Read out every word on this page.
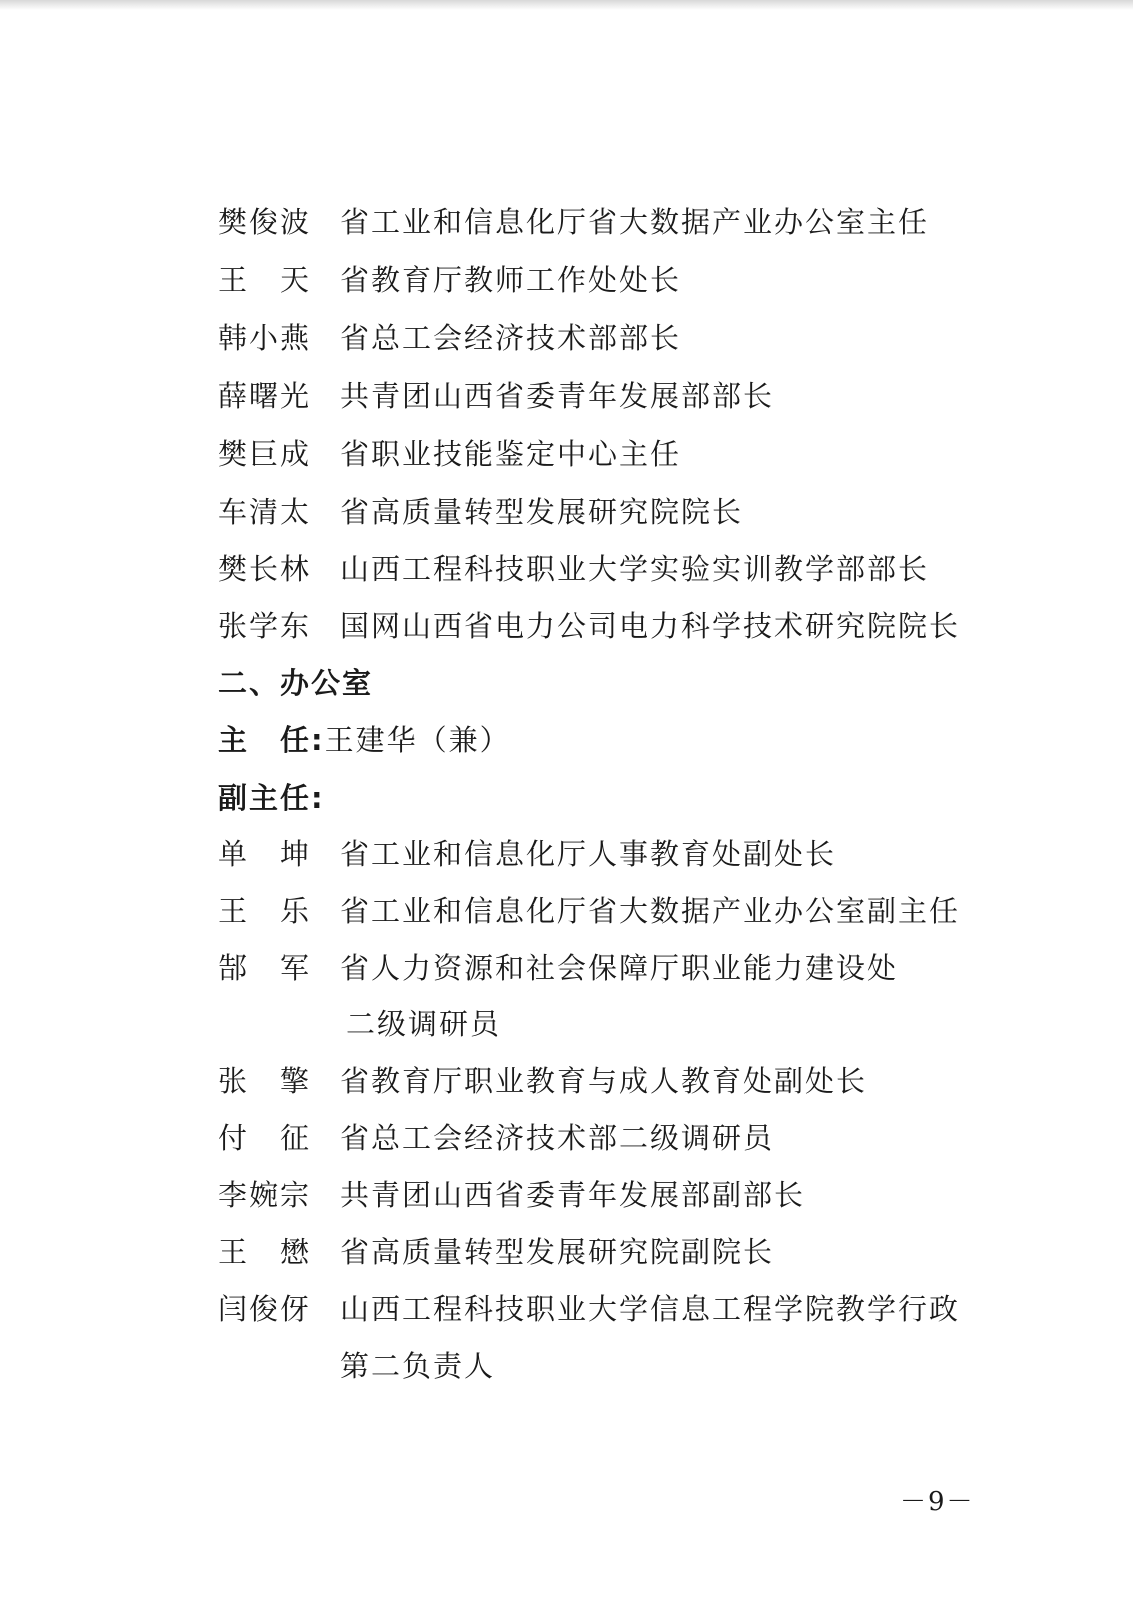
樊俊波 省工业和信息化厅省大数据产业办公室主任
王　天 省教育厅教师工作处处长
韩小燕 省总工会经济技术部部长
薛曙光 共青团山西省委青年发展部部长
樊巨成 省职业技能鉴定中心主任
车清太 省高质量转型发展研究院院长
樊长林 山西工程科技职业大学实验实训教学部部长
张学东 国网山西省电力公司电力科学技术研究院院长
二、办公室
主　任:王建华（兼）
副主任:
单　坤 省工业和信息化厅人事教育处副处长
王　乐 省工业和信息化厅省大数据产业办公室副主任
郜　军 省人力资源和社会保障厅职业能力建设处
二级调研员
张　擎 省教育厅职业教育与成人教育处副处长
付　征 省总工会经济技术部二级调研员
李婉宗 共青团山西省委青年发展部副部长
王　懋 省高质量转型发展研究院副院长
闫俊伢 山西工程科技职业大学信息工程学院教学行政
第二负责人
－9－
